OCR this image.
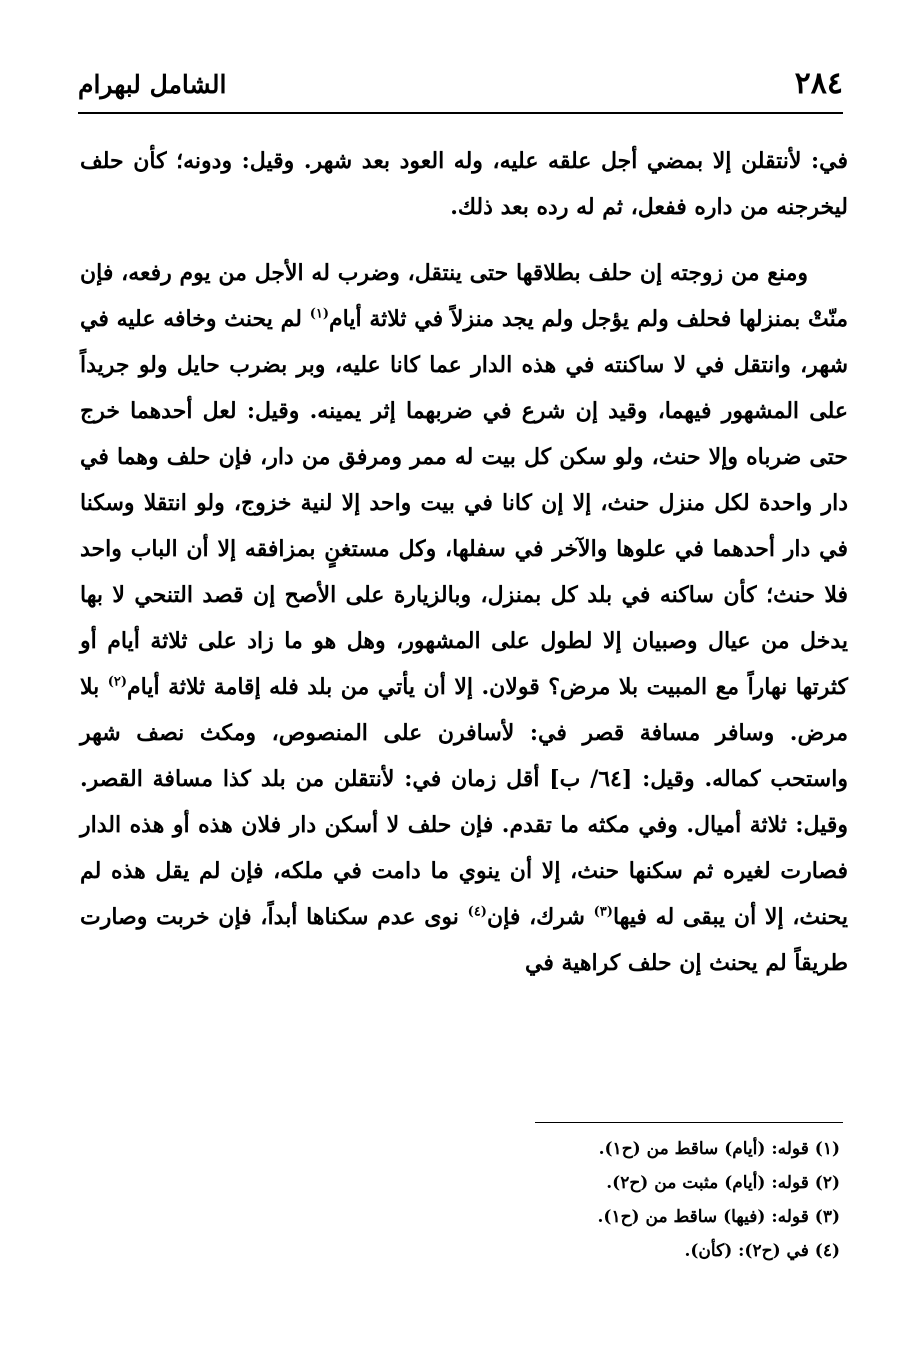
الشامل لبهرام	٢٨٤

في: لأنتقلن إلا بمضي أجل علقه عليه، وله العود بعد شهر. وقيل: ودونه؛ كأن حلف ليخرجنه من داره ففعل، ثم له رده بعد ذلك.

ومنع من زوجته إن حلف بطلاقها حتى ينتقل، وضرب له الأجل من يوم رفعه، فإن منّتْ بمنزلها فحلف ولم يؤجل ولم يجد منزلاً في ثلاثة أيام$^{(١)}$ لم يحنث وخافه عليه في شهر، وانتقل في لا ساكنته في هذه الدار عما كانا عليه، وبر بضرب حايل ولو جريداً على المشهور فيهما، وقيد إن شرع في ضربهما إثر يمينه. وقيل: لعل أحدهما خرج حتى ضرباه وإلا حنث، ولو سكن كل بيت له ممر ومرفق من دار، فإن حلف وهما في دار واحدة لكل منزل حنث، إلا إن كانا في بيت واحد إلا لنية خزوج، ولو انتقلا وسكنا في دار أحدهما في علوها والآخر في سفلها، وكل مستغنٍ بمزافقه إلا أن الباب واحد فلا حنث؛ كأن ساكنه في بلد كل بمنزل، وبالزيارة على الأصح إن قصد التنحي لا بها يدخل من عيال وصبيان إلا لطول على المشهور، وهل هو ما زاد على ثلاثة أيام أو كثرتها نهاراً مع المبيت بلا مرض؟ قولان. إلا أن يأتي من بلد فله إقامة ثلاثة أيام$^{(٢)}$ بلا مرض. وسافر مسافة قصر في: لأسافرن على المنصوص، ومكث نصف شهر واستحب كماله. وقيل: [٦٤/ ب] أقل زمان في: لأنتقلن من بلد كذا مسافة القصر. وقيل: ثلاثة أميال. وفي مكثه ما تقدم. فإن حلف لا أسكن دار فلان هذه أو هذه الدار فصارت لغيره ثم سكنها حنث، إلا أن ينوي ما دامت في ملكه، فإن لم يقل هذه لم يحنث، إلا أن يبقى له فيها$^{(٣)}$ شرك، فإن$^{(٤)}$ نوى عدم سكناها أبداً، فإن خربت وصارت طريقاً لم يحنث إن حلف كراهية في

(١) قوله: (أيام) ساقط من (ح١).
(٢) قوله: (أيام) مثبت من (ح٢).
(٣) قوله: (فيها) ساقط من (ح١).
(٤) في (ح٢): (كأن).
